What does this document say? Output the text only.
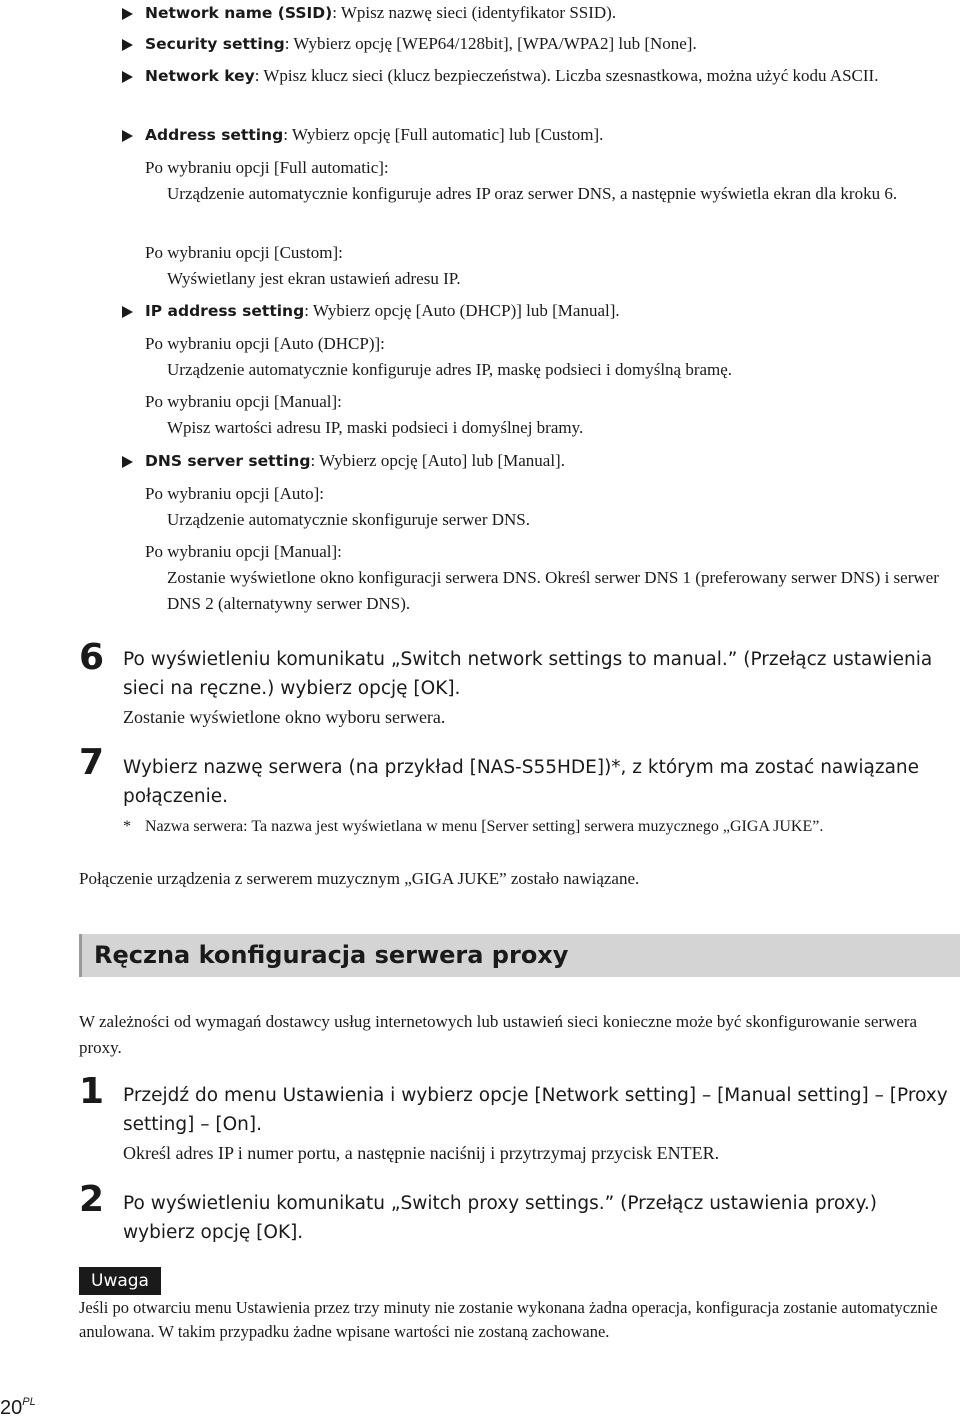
Network name (SSID): Wpisz nazwę sieci (identyfikator SSID).
Security setting: Wybierz opcję [WEP64/128bit], [WPA/WPA2] lub [None].
Network key: Wpisz klucz sieci (klucz bezpieczeństwa). Liczba szesnastkowa, można użyć kodu ASCII.
Address setting: Wybierz opcję [Full automatic] lub [Custom].
Po wybraniu opcji [Full automatic]:
Urządzenie automatycznie konfiguruje adres IP oraz serwer DNS, a następnie wyświetla ekran dla kroku 6.
Po wybraniu opcji [Custom]:
Wyświetlany jest ekran ustawień adresu IP.
IP address setting: Wybierz opcję [Auto (DHCP)] lub [Manual].
Po wybraniu opcji [Auto (DHCP)]:
Urządzenie automatycznie konfiguruje adres IP, maskę podsieci i domyślną bramę.
Po wybraniu opcji [Manual]:
Wpisz wartości adresu IP, maski podsieci i domyślnej bramy.
DNS server setting: Wybierz opcję [Auto] lub [Manual].
Po wybraniu opcji [Auto]:
Urządzenie automatycznie skonfiguruje serwer DNS.
Po wybraniu opcji [Manual]:
Zostanie wyświetlone okno konfiguracji serwera DNS. Określ serwer DNS 1 (preferowany serwer DNS) i serwer DNS 2 (alternatywny serwer DNS).
6 Po wyświetleniu komunikatu „Switch network settings to manual.” (Przełącz ustawienia sieci na ręczne.) wybierz opcję [OK].
Zostanie wyświetlone okno wyboru serwera.
7 Wybierz nazwę serwera (na przykład [NAS-S55HDE])*, z którym ma zostać nawiązane połączenie.
* Nazwa serwera: Ta nazwa jest wyświetlana w menu [Server setting] serwera muzycznego „GIGA JUKE”.
Połączenie urządzenia z serwerem muzycznym „GIGA JUKE” zostało nawiązane.
Ręczna konfiguracja serwera proxy
W zależności od wymagań dostawcy usług internetowych lub ustawień sieci konieczne może być skonfigurowanie serwera proxy.
1 Przejdź do menu Ustawienia i wybierz opcje [Network setting] – [Manual setting] – [Proxy setting] – [On].
Określ adres IP i numer portu, a następnie naciśnij i przytrzymaj przycisk ENTER.
2 Po wyświetleniu komunikatu „Switch proxy settings.” (Przełącz ustawienia proxy.) wybierz opcję [OK].
Uwaga
Jeśli po otwarciu menu Ustawienia przez trzy minuty nie zostanie wykonana żadna operacja, konfiguracja zostanie automatycznie anulowana. W takim przypadku żadne wpisane wartości nie zostaną zachowane.
$20^{PL}$
